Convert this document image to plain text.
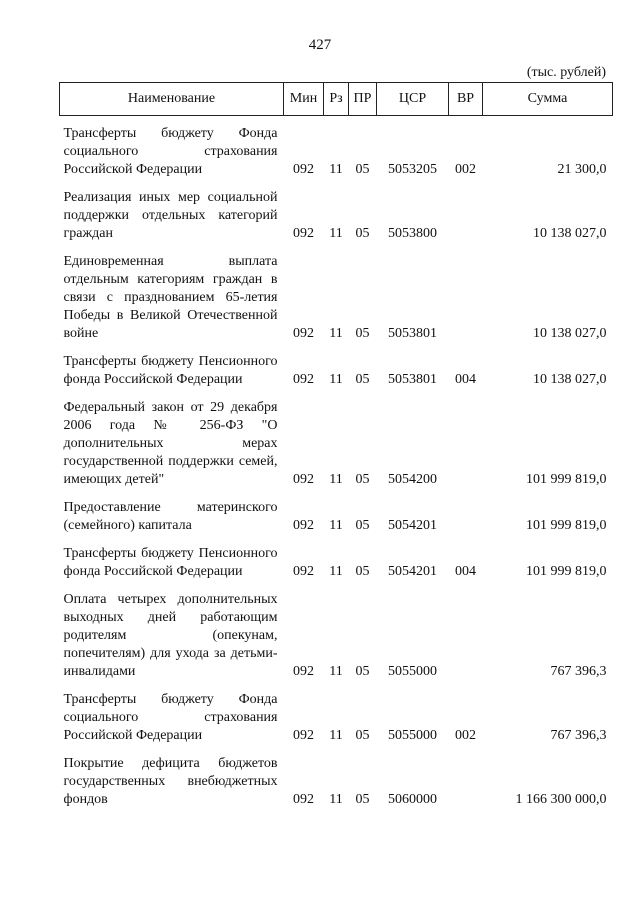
427
(тыс. рублей)
Наименование	Мин	Рз	ПР	ЦСР	ВР	Сумма
Трансферты бюджету Фонда социального страхования Российской Федерации	092	11	05	5053205	002	21 300,0
Реализация иных мер социальной поддержки отдельных категорий граждан	092	11	05	5053800		10 138 027,0
Единовременная выплата отдельным категориям граждан в связи с празднованием 65-летия Победы в Великой Отечественной войне	092	11	05	5053801		10 138 027,0
Трансферты бюджету Пенсионного фонда Российской Федерации	092	11	05	5053801	004	10 138 027,0
Федеральный закон от 29 декабря 2006 года № 256-ФЗ "О дополнительных мерах государственной поддержки семей, имеющих детей"	092	11	05	5054200		101 999 819,0
Предоставление материнского (семейного) капитала	092	11	05	5054201		101 999 819,0
Трансферты бюджету Пенсионного фонда Российской Федерации	092	11	05	5054201	004	101 999 819,0
Оплата четырех дополнительных выходных дней работающим родителям (опекунам, попечителям) для ухода за детьми-инвалидами	092	11	05	5055000		767 396,3
Трансферты бюджету Фонда социального страхования Российской Федерации	092	11	05	5055000	002	767 396,3
Покрытие дефицита бюджетов государственных внебюджетных фондов	092	11	05	5060000		1 166 300 000,0
